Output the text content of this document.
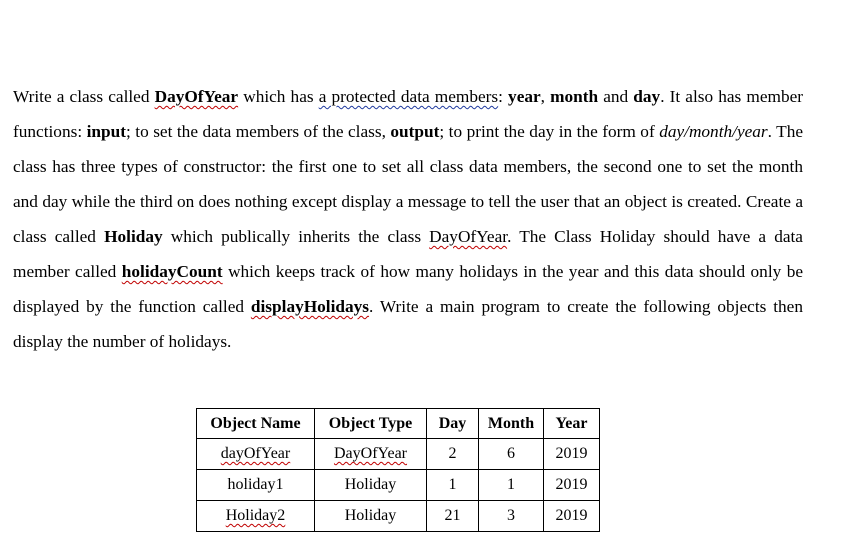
Write a class called DayOfYear which has a protected data members: year, month and day. It also has member functions: input; to set the data members of the class, output; to print the day in the form of day/month/year. The class has three types of constructor: the first one to set all class data members, the second one to set the month and day while the third on does nothing except display a message to tell the user that an object is created. Create a class called Holiday which publically inherits the class DayOfYear. The Class Holiday should have a data member called holidayCount which keeps track of how many holidays in the year and this data should only be displayed by the function called displayHolidays. Write a main program to create the following objects then display the number of holidays.
Object Name	Object Type	Day	Month	Year
dayOfYear	DayOfYear	2	6	2019
holiday1	Holiday	1	1	2019
Holiday2	Holiday	21	3	2019
